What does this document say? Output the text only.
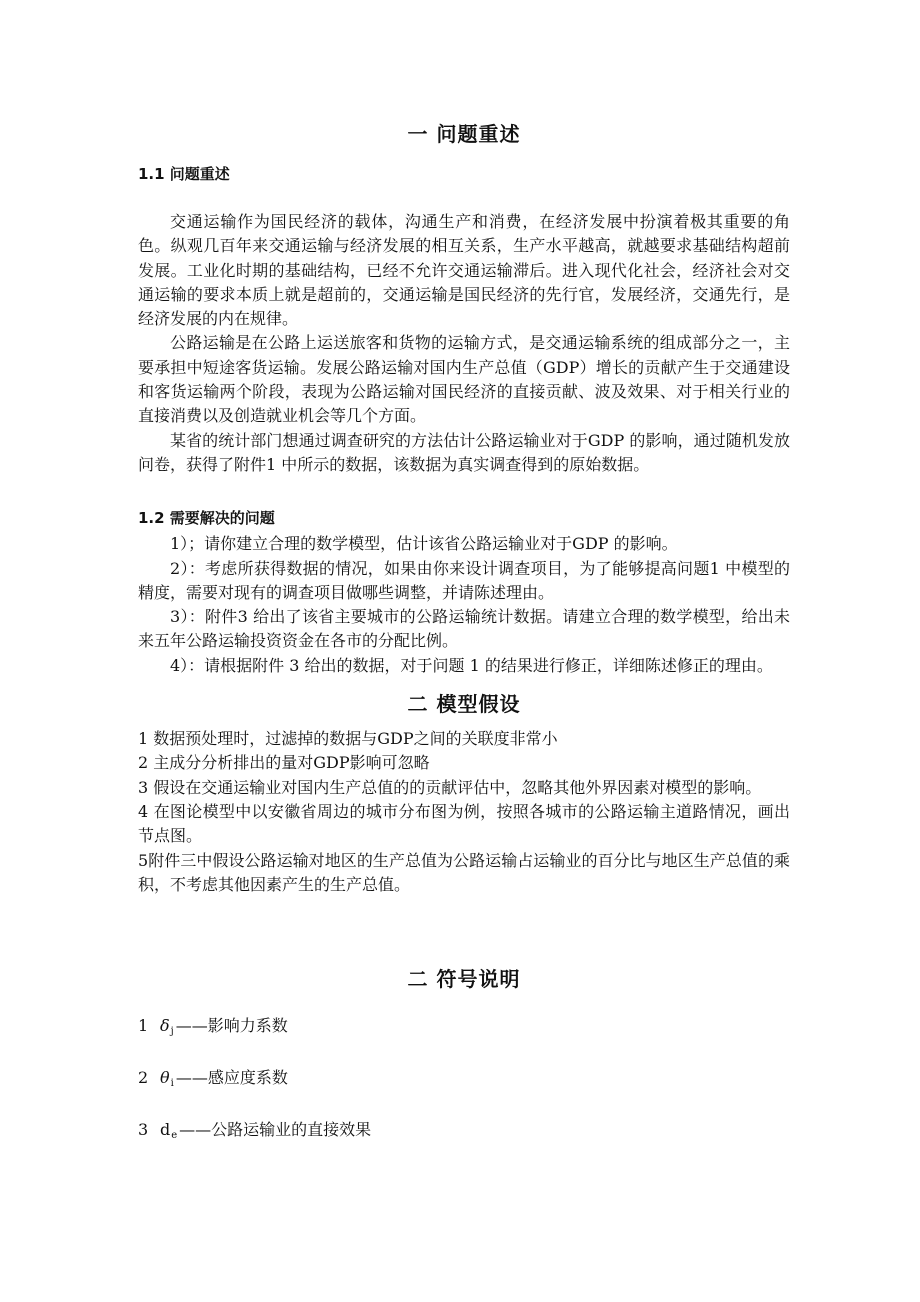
一 问题重述
1.1 问题重述

交通运输作为国民经济的载体，沟通生产和消费，在经济发展中扮演着极其重要的角色。纵观几百年来交通运输与经济发展的相互关系，生产水平越高，就越要求基础结构超前发展。工业化时期的基础结构，已经不允许交通运输滞后。进入现代化社会，经济社会对交通运输的要求本质上就是超前的，交通运输是国民经济的先行官，发展经济，交通先行，是经济发展的内在规律。

公路运输是在公路上运送旅客和货物的运输方式，是交通运输系统的组成部分之一，主要承担中短途客货运输。发展公路运输对国内生产总值（GDP）增长的贡献产生于交通建设和客货运输两个阶段，表现为公路运输对国民经济的直接贡献、波及效果、对于相关行业的直接消费以及创造就业机会等几个方面。

某省的统计部门想通过调查研究的方法估计公路运输业对于GDP 的影响，通过随机发放问卷，获得了附件1 中所示的数据，该数据为真实调查得到的原始数据。

1.2 需要解决的问题

1）；请你建立合理的数学模型，估计该省公路运输业对于GDP 的影响。

2）：考虑所获得数据的情况，如果由你来设计调查项目，为了能够提高问题1 中模型的精度，需要对现有的调查项目做哪些调整，并请陈述理由。

3）：附件3 给出了该省主要城市的公路运输统计数据。请建立合理的数学模型，给出未来五年公路运输投资资金在各市的分配比例。

4）：请根据附件 3 给出的数据，对于问题 1 的结果进行修正，详细陈述修正的理由。

二 模型假设

1 数据预处理时，过滤掉的数据与GDP之间的关联度非常小

2 主成分分析排出的量对GDP影响可忽略

3 假设在交通运输业对国内生产总值的的贡献评估中，忽略其他外界因素对模型的影响。

4 在图论模型中以安徽省周边的城市分布图为例，按照各城市的公路运输主道路情况，画出节点图。

5附件三中假设公路运输对地区的生产总值为公路运输占运输业的百分比与地区生产总值的乘积，不考虑其他因素产生的生产总值。

二 符号说明

1 $\delta_j$ ——影响力系数

2 $\theta_i$ ——感应度系数

3 $d_e$ ——公路运输业的直接效果
